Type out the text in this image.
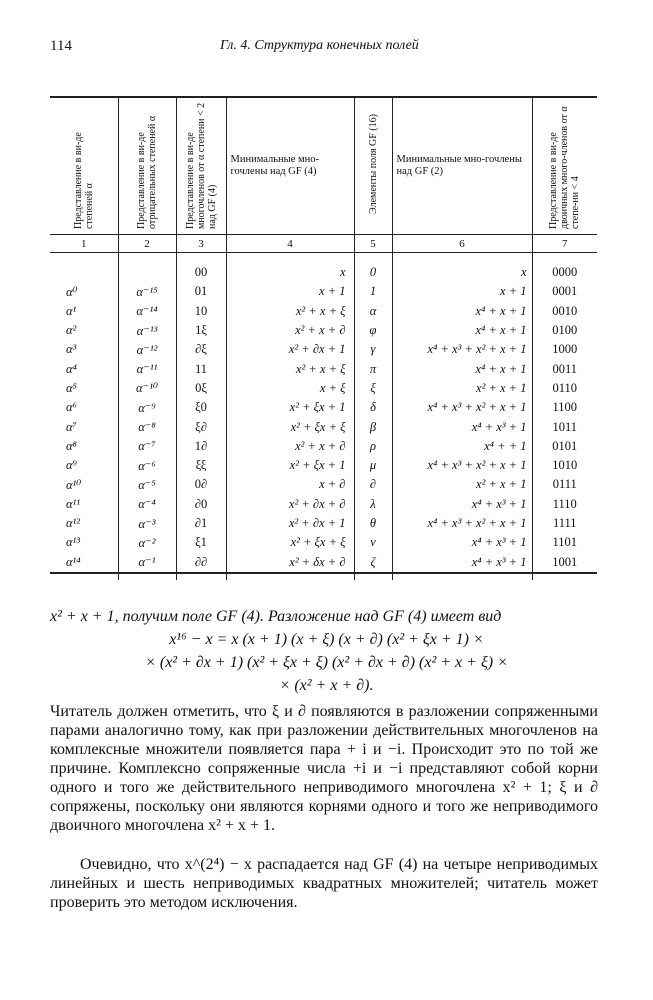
114	Гл. 4. Структура конечных полей
Представление в ви-де степеней α	Представление в ви-де отрицательных степеней α	Представление в ви-де многочленов от α степени < 2 над GF (4)	Минимальные мно-гочлены над GF (4)	Элементы поля GF (16)	Минимальные мно-гочлены над GF (2)	Представление в ви-де двоичных много-членов от α степе-ни < 4
1	2	3	4	5	6	7

		00	x	0	x	0000
α⁰	α⁻¹⁵	01	x + 1	1	x + 1	0001
α¹	α⁻¹⁴	10	x² + x + ξ	α	x⁴ + x + 1	0010
α²	α⁻¹³	1ξ	x² + x + ∂	φ	x⁴ + x + 1	0100
α³	α⁻¹²	∂ξ	x² + ∂x + 1	γ	x⁴ + x³ + x² + x + 1	1000
α⁴	α⁻¹¹	11	x² + x + ξ	π	x⁴ + x + 1	0011
α⁵	α⁻¹⁰	0ξ	x + ξ	ξ	x² + x + 1	0110
α⁶	α⁻⁹	ξ0	x² + ξx + 1	δ	x⁴ + x³ + x² + x + 1	1100
α⁷	α⁻⁸	ξ∂	x² + ξx + ξ	β	x⁴ + x³ + 1	1011
α⁸	α⁻⁷	1∂	x² + x + ∂	ρ	x⁴ + + 1	0101
α⁹	α⁻⁶	ξξ	x² + ξx + 1	μ	x⁴ + x³ + x² + x + 1	1010
α¹⁰	α⁻⁵	0∂	x + ∂	∂	x² + x + 1	0111
α¹¹	α⁻⁴	∂0	x² + ∂x + ∂	λ	x⁴ + x³ + 1	1110
α¹²	α⁻³	∂1	x² + ∂x + 1	θ	x⁴ + x³ + x² + x + 1	1111
α¹³	α⁻²	ξ1	x² + ξx + ξ	ν	x⁴ + x³ + 1	1101
α¹⁴	α⁻¹	∂∂	x² + δx + ∂	ζ	x⁴ + x³ + 1	1001

x² + x + 1, получим поле GF (4). Разложение над GF (4) имеет вид
x¹⁶ − x = x (x + 1) (x + ξ) (x + ∂) (x² + ξx + 1) ×
× (x² + ∂x + 1) (x² + ξx + ξ) (x² + ∂x + ∂) (x² + x + ξ) ×
× (x² + x + ∂).

Читатель должен отметить, что ξ и ∂ появляются в разложении сопряженными парами аналогично тому, как при разложении действительных многочленов на комплексные множители появляется пара + i и −i. Происходит это по той же причине. Комплексно сопряженные числа +i и −i представляют собой корни одного и того же действительного неприводимого многочлена x² + 1; ξ и ∂ сопряжены, поскольку они являются корнями одного и того же неприводимого двоичного многочлена x² + x + 1.

Очевидно, что x^(2⁴) − x распадается над GF (4) на четыре неприводимых линейных и шесть неприводимых квадратных множителей; читатель может проверить это методом исключения.
